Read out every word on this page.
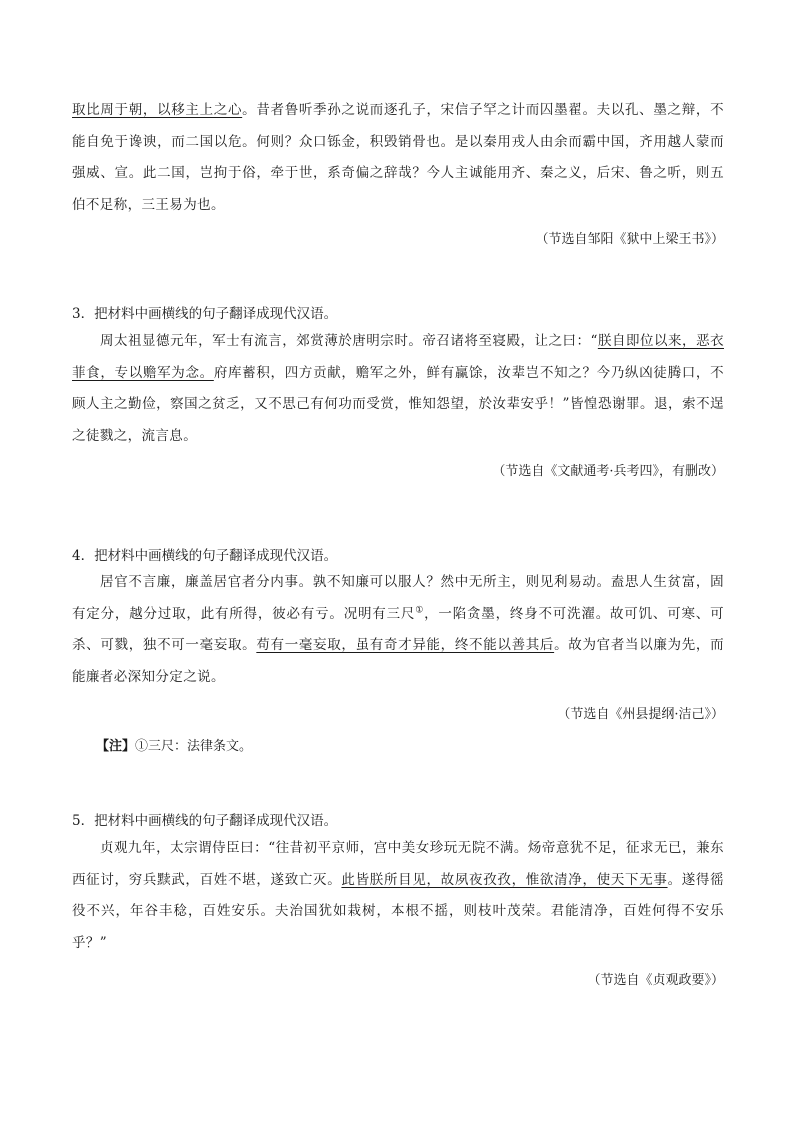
取比周于朝，以移主上之心。昔者鲁听季孙之说而逐孔子，宋信子罕之计而囚墨翟。夫以孔、墨之辩，不能自免于谗谀，而二国以危。何则？众口铄金，积毁销骨也。是以秦用戎人由余而霸中国，齐用越人蒙而强威、宣。此二国，岂拘于俗，牵于世，系奇偏之辞哉？今人主诚能用齐、秦之义，后宋、鲁之听，则五伯不足称，三王易为也。

（节选自邹阳《狱中上梁王书》）

3．把材料中画横线的句子翻译成现代汉语。

周太祖显德元年，军士有流言，郊赏薄於唐明宗时。帝召诸将至寝殿，让之曰：“朕自即位以来，恶衣菲食，专以赡军为念。府库蓄积，四方贡献，赡军之外，鲜有赢馀，汝辈岂不知之？今乃纵凶徒腾口，不顾人主之勤俭，察国之贫乏，又不思己有何功而受赏，惟知怨望，於汝辈安乎！”皆惶恐谢罪。退，索不逞之徒戮之，流言息。

（节选自《文献通考·兵考四》，有删改）

4．把材料中画横线的句子翻译成现代汉语。

居官不言廉，廉盖居官者分内事。孰不知廉可以服人？然中无所主，则见利易动。盍思人生贫富，固有定分，越分过取，此有所得，彼必有亏。况明有三尺①，一陷贪墨，终身不可洗濯。故可饥、可寒、可杀、可戮，独不可一毫妄取。苟有一毫妄取，虽有奇才异能，终不能以善其后。故为官者当以廉为先，而能廉者必深知分定之说。

（节选自《州县提纲·洁己》）

【注】①三尺：法律条文。

5．把材料中画横线的句子翻译成现代汉语。

贞观九年，太宗谓侍臣曰：“往昔初平京师，宫中美女珍玩无院不满。炀帝意犹不足，征求无已，兼东西征讨，穷兵黩武，百姓不堪，遂致亡灭。此皆朕所目见，故夙夜孜孜，惟欲清净，使天下无事。遂得徭役不兴，年谷丰稔，百姓安乐。夫治国犹如栽树，本根不摇，则枝叶茂荣。君能清净，百姓何得不安乐乎？”

（节选自《贞观政要》）
